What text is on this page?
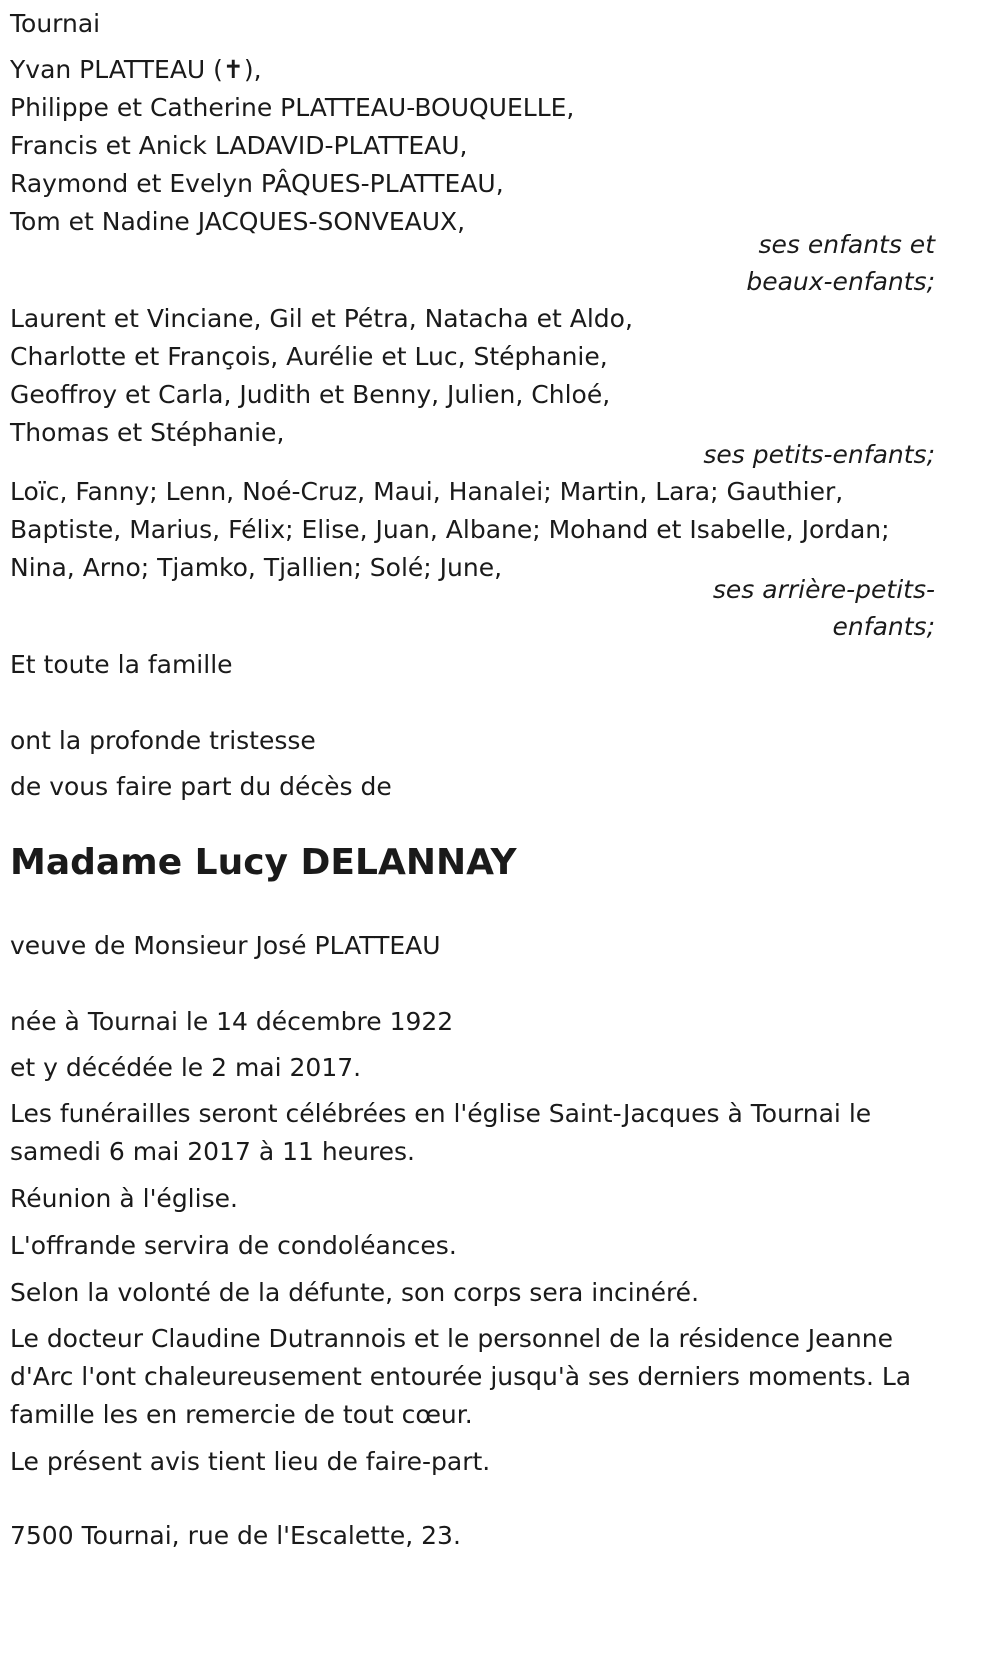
Tournai
Yvan PLATTEAU (✝),
Philippe et Catherine PLATTEAU-BOUQUELLE,
Francis et Anick LADAVID-PLATTEAU,
Raymond et Evelyn PÂQUES-PLATTEAU,
Tom et Nadine JACQUES-SONVEAUX,
ses enfants et
beaux-enfants;
Laurent et Vinciane, Gil et Pétra, Natacha et Aldo,
Charlotte et François, Aurélie et Luc, Stéphanie,
Geoffroy et Carla, Judith et Benny, Julien, Chloé,
Thomas et Stéphanie,
ses petits-enfants;
Loïc, Fanny; Lenn, Noé-Cruz, Maui, Hanalei; Martin, Lara; Gauthier,
Baptiste, Marius, Félix; Elise, Juan, Albane; Mohand et Isabelle, Jordan;
Nina, Arno; Tjamko, Tjallien; Solé; June,
ses arrière-petits-
enfants;
Et toute la famille
ont la profonde tristesse
de vous faire part du décès de
Madame Lucy DELANNAY
veuve de Monsieur José PLATTEAU
née à Tournai le 14 décembre 1922
et y décédée le 2 mai 2017.
Les funérailles seront célébrées en l'église Saint-Jacques à Tournai le
samedi 6 mai 2017 à 11 heures.
Réunion à l'église.
L'offrande servira de condoléances.
Selon la volonté de la défunte, son corps sera incinéré.
Le docteur Claudine Dutrannois et le personnel de la résidence Jeanne
d'Arc l'ont chaleureusement entourée jusqu'à ses derniers moments. La
famille les en remercie de tout cœur.
Le présent avis tient lieu de faire-part.
7500 Tournai, rue de l'Escalette, 23.
